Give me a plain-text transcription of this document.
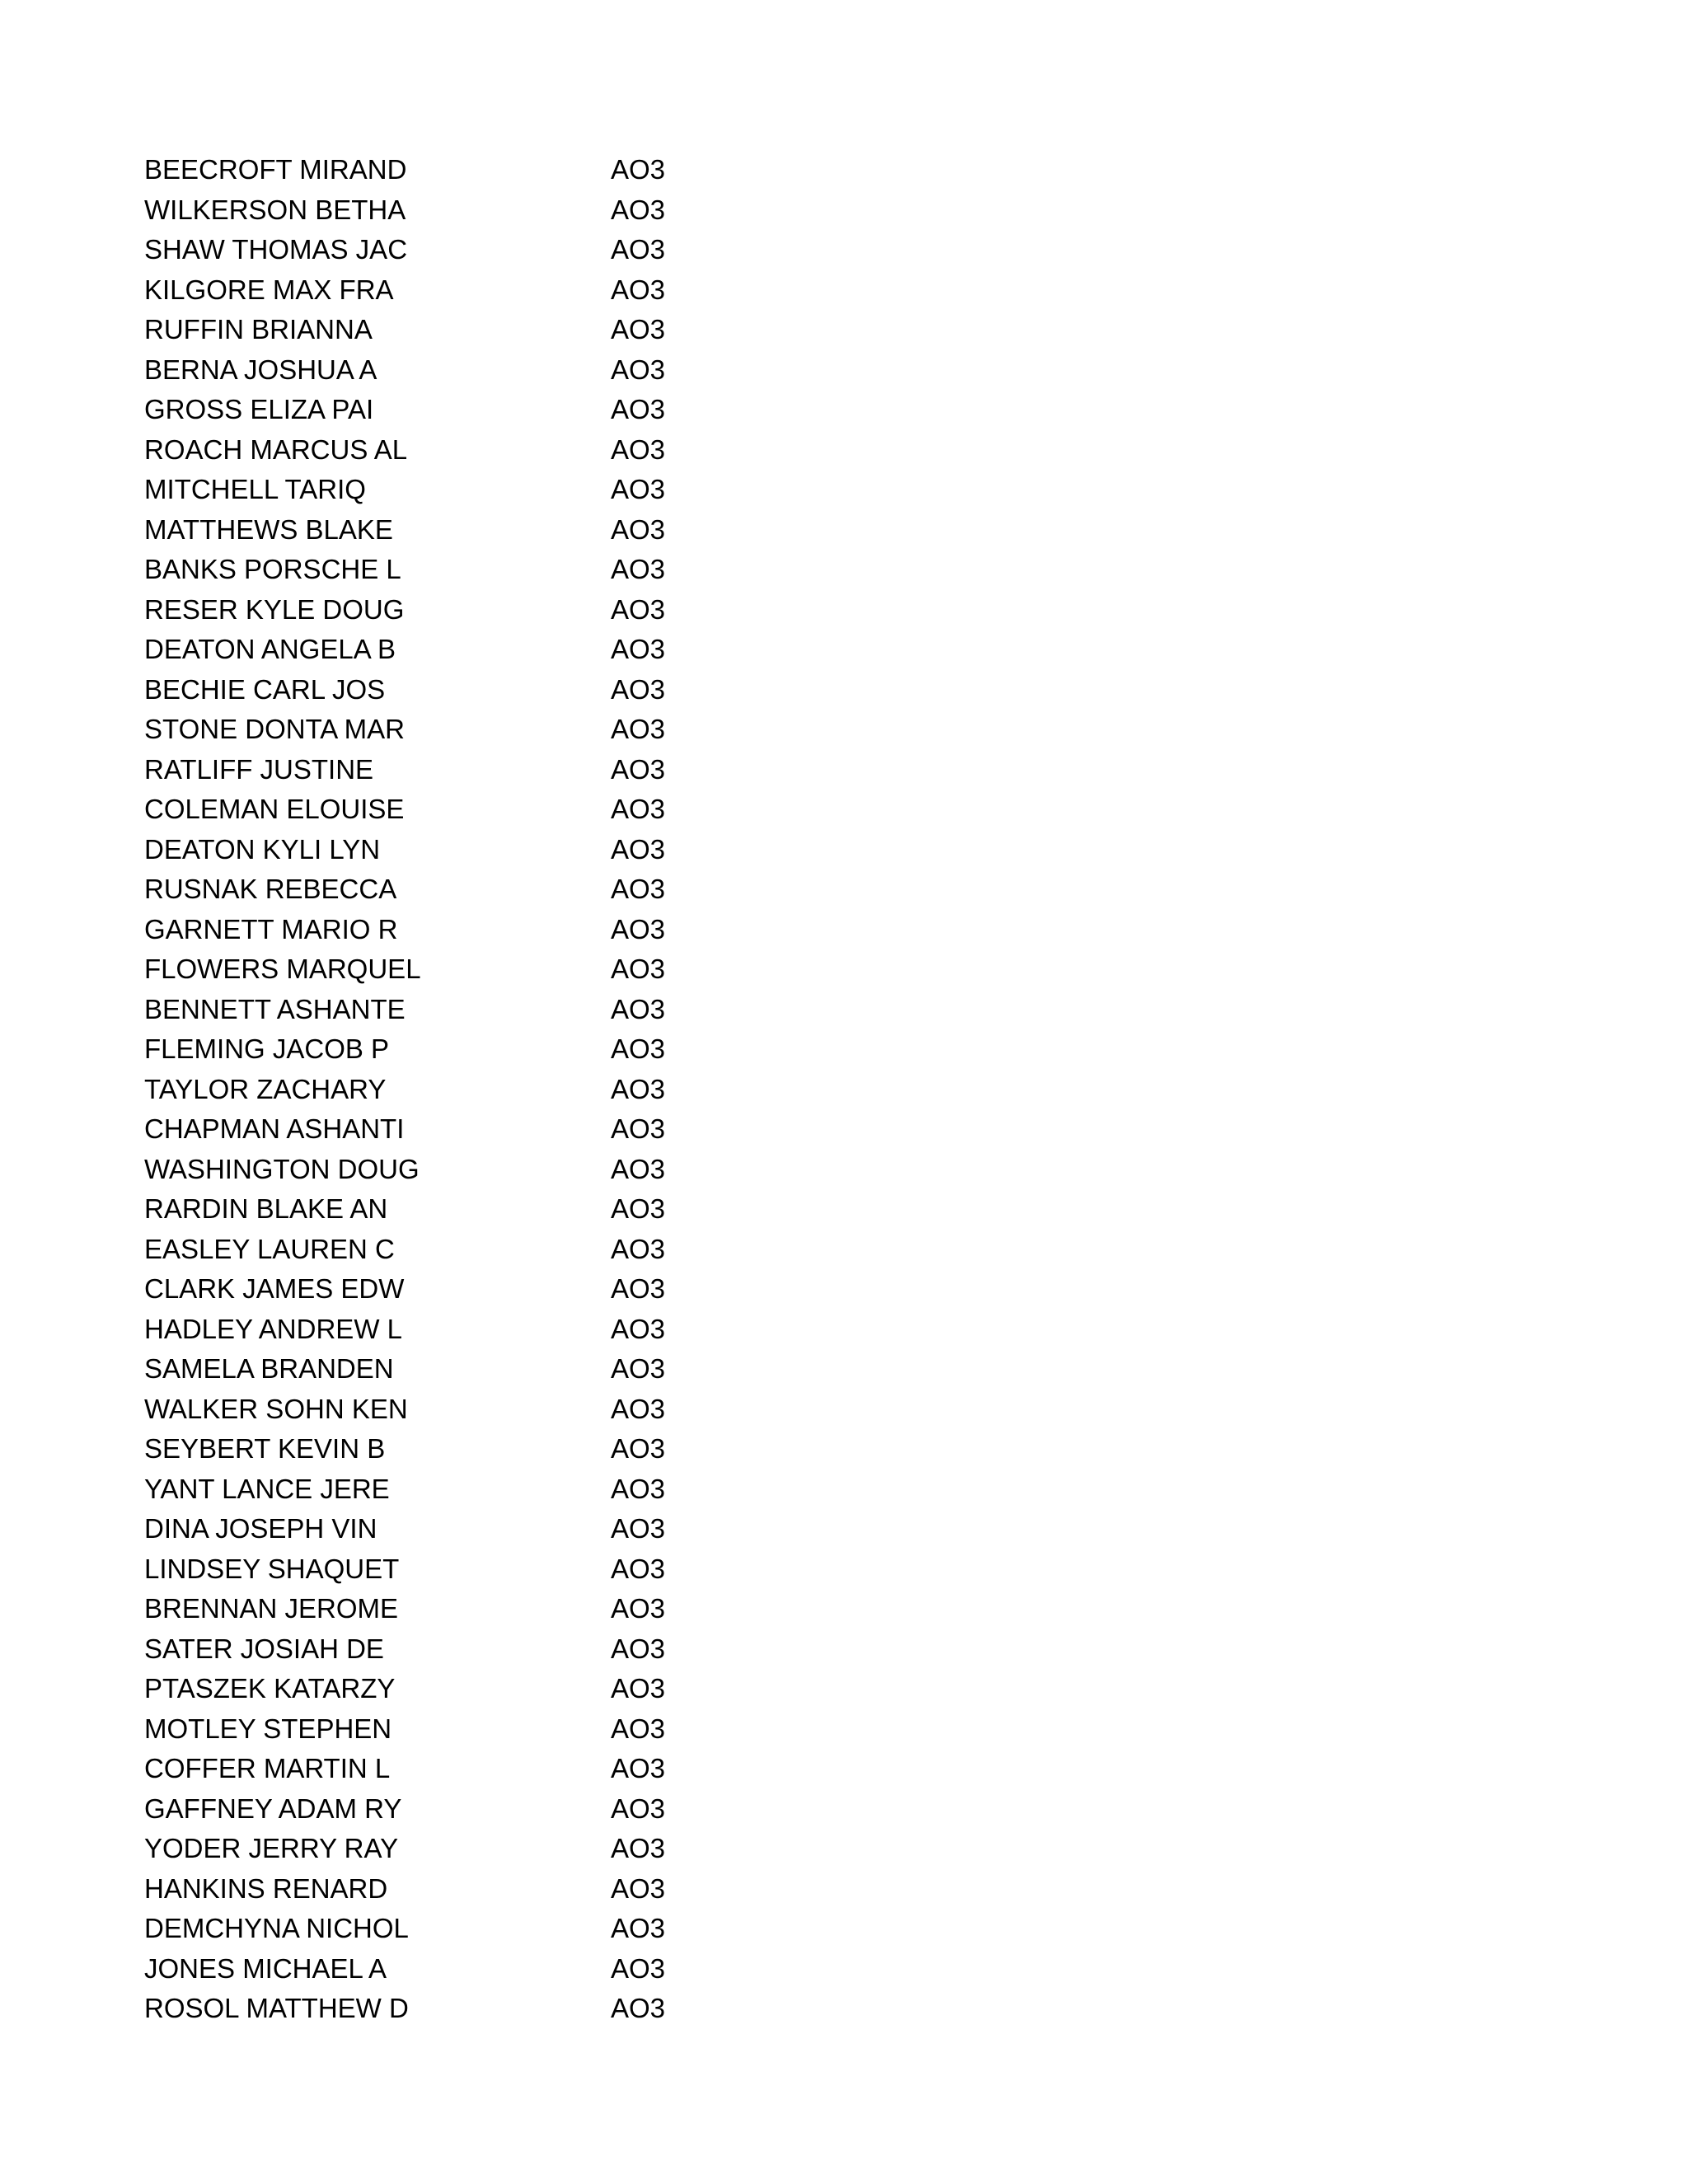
BEECROFT MIRAND	AO3
WILKERSON BETHA	AO3
SHAW THOMAS JAC	AO3
KILGORE MAX FRA	AO3
RUFFIN BRIANNA	AO3
BERNA JOSHUA A	AO3
GROSS ELIZA PAI	AO3
ROACH MARCUS AL	AO3
MITCHELL TARIQ	AO3
MATTHEWS BLAKE	AO3
BANKS PORSCHE L	AO3
RESER KYLE DOUG	AO3
DEATON ANGELA B	AO3
BECHIE CARL JOS	AO3
STONE DONTA MAR	AO3
RATLIFF JUSTINE	AO3
COLEMAN ELOUISE	AO3
DEATON KYLI LYN	AO3
RUSNAK REBECCA	AO3
GARNETT MARIO R	AO3
FLOWERS MARQUEL	AO3
BENNETT ASHANTE	AO3
FLEMING JACOB P	AO3
TAYLOR ZACHARY	AO3
CHAPMAN ASHANTI	AO3
WASHINGTON DOUG	AO3
RARDIN BLAKE AN	AO3
EASLEY LAUREN C	AO3
CLARK JAMES EDW	AO3
HADLEY ANDREW L	AO3
SAMELA BRANDEN	AO3
WALKER SOHN KEN	AO3
SEYBERT KEVIN B	AO3
YANT LANCE JERE	AO3
DINA JOSEPH VIN	AO3
LINDSEY SHAQUET	AO3
BRENNAN JEROME	AO3
SATER JOSIAH DE	AO3
PTASZEK KATARZY	AO3
MOTLEY STEPHEN	AO3
COFFER MARTIN L	AO3
GAFFNEY ADAM RY	AO3
YODER JERRY RAY	AO3
HANKINS RENARD	AO3
DEMCHYNA NICHOL	AO3
JONES MICHAEL A	AO3
ROSOL MATTHEW D	AO3
